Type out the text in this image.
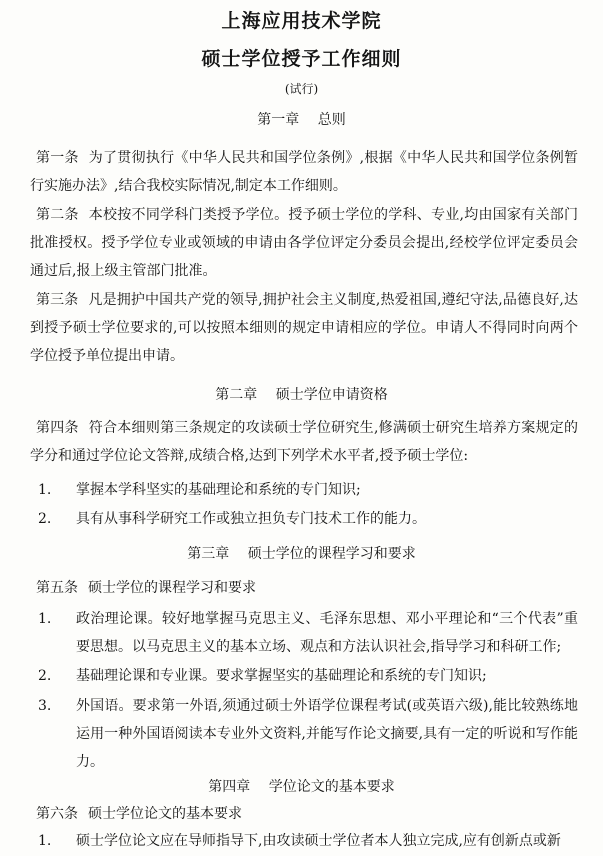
上海应用技术学院
硕士学位授予工作细则
(试行)
第一章 总则
第一条 为了贯彻执行《中华人民共和国学位条例》,根据《中华人民共和国学位条例暂行实施办法》,结合我校实际情况,制定本工作细则。
第二条 本校按不同学科门类授予学位。授予硕士学位的学科、专业,均由国家有关部门批准授权。授予学位专业或领域的申请由各学位评定分委员会提出,经校学位评定委员会通过后,报上级主管部门批准。
第三条 凡是拥护中国共产党的领导,拥护社会主义制度,热爱祖国,遵纪守法,品德良好,达到授予硕士学位要求的,可以按照本细则的规定申请相应的学位。申请人不得同时向两个学位授予单位提出申请。
第二章 硕士学位申请资格
第四条 符合本细则第三条规定的攻读硕士学位研究生,修满硕士研究生培养方案规定的学分和通过学位论文答辩,成绩合格,达到下列学术水平者,授予硕士学位:
1. 掌握本学科坚实的基础理论和系统的专门知识;
2. 具有从事科学研究工作或独立担负专门技术工作的能力。
第三章 硕士学位的课程学习和要求
第五条 硕士学位的课程学习和要求
1. 政治理论课。较好地掌握马克思主义、毛泽东思想、邓小平理论和“三个代表”重要思想。以马克思主义的基本立场、观点和方法认识社会,指导学习和科研工作;
2. 基础理论课和专业课。要求掌握坚实的基础理论和系统的专门知识;
3. 外国语。要求第一外语,须通过硕士外语学位课程考试(或英语六级),能比较熟练地运用一种外国语阅读本专业外文资料,并能写作论文摘要,具有一定的听说和写作能力。
第四章 学位论文的基本要求
第六条 硕士学位论文的基本要求
1. 硕士学位论文应在导师指导下,由攻读硕士学位者本人独立完成,应有创新点或新
